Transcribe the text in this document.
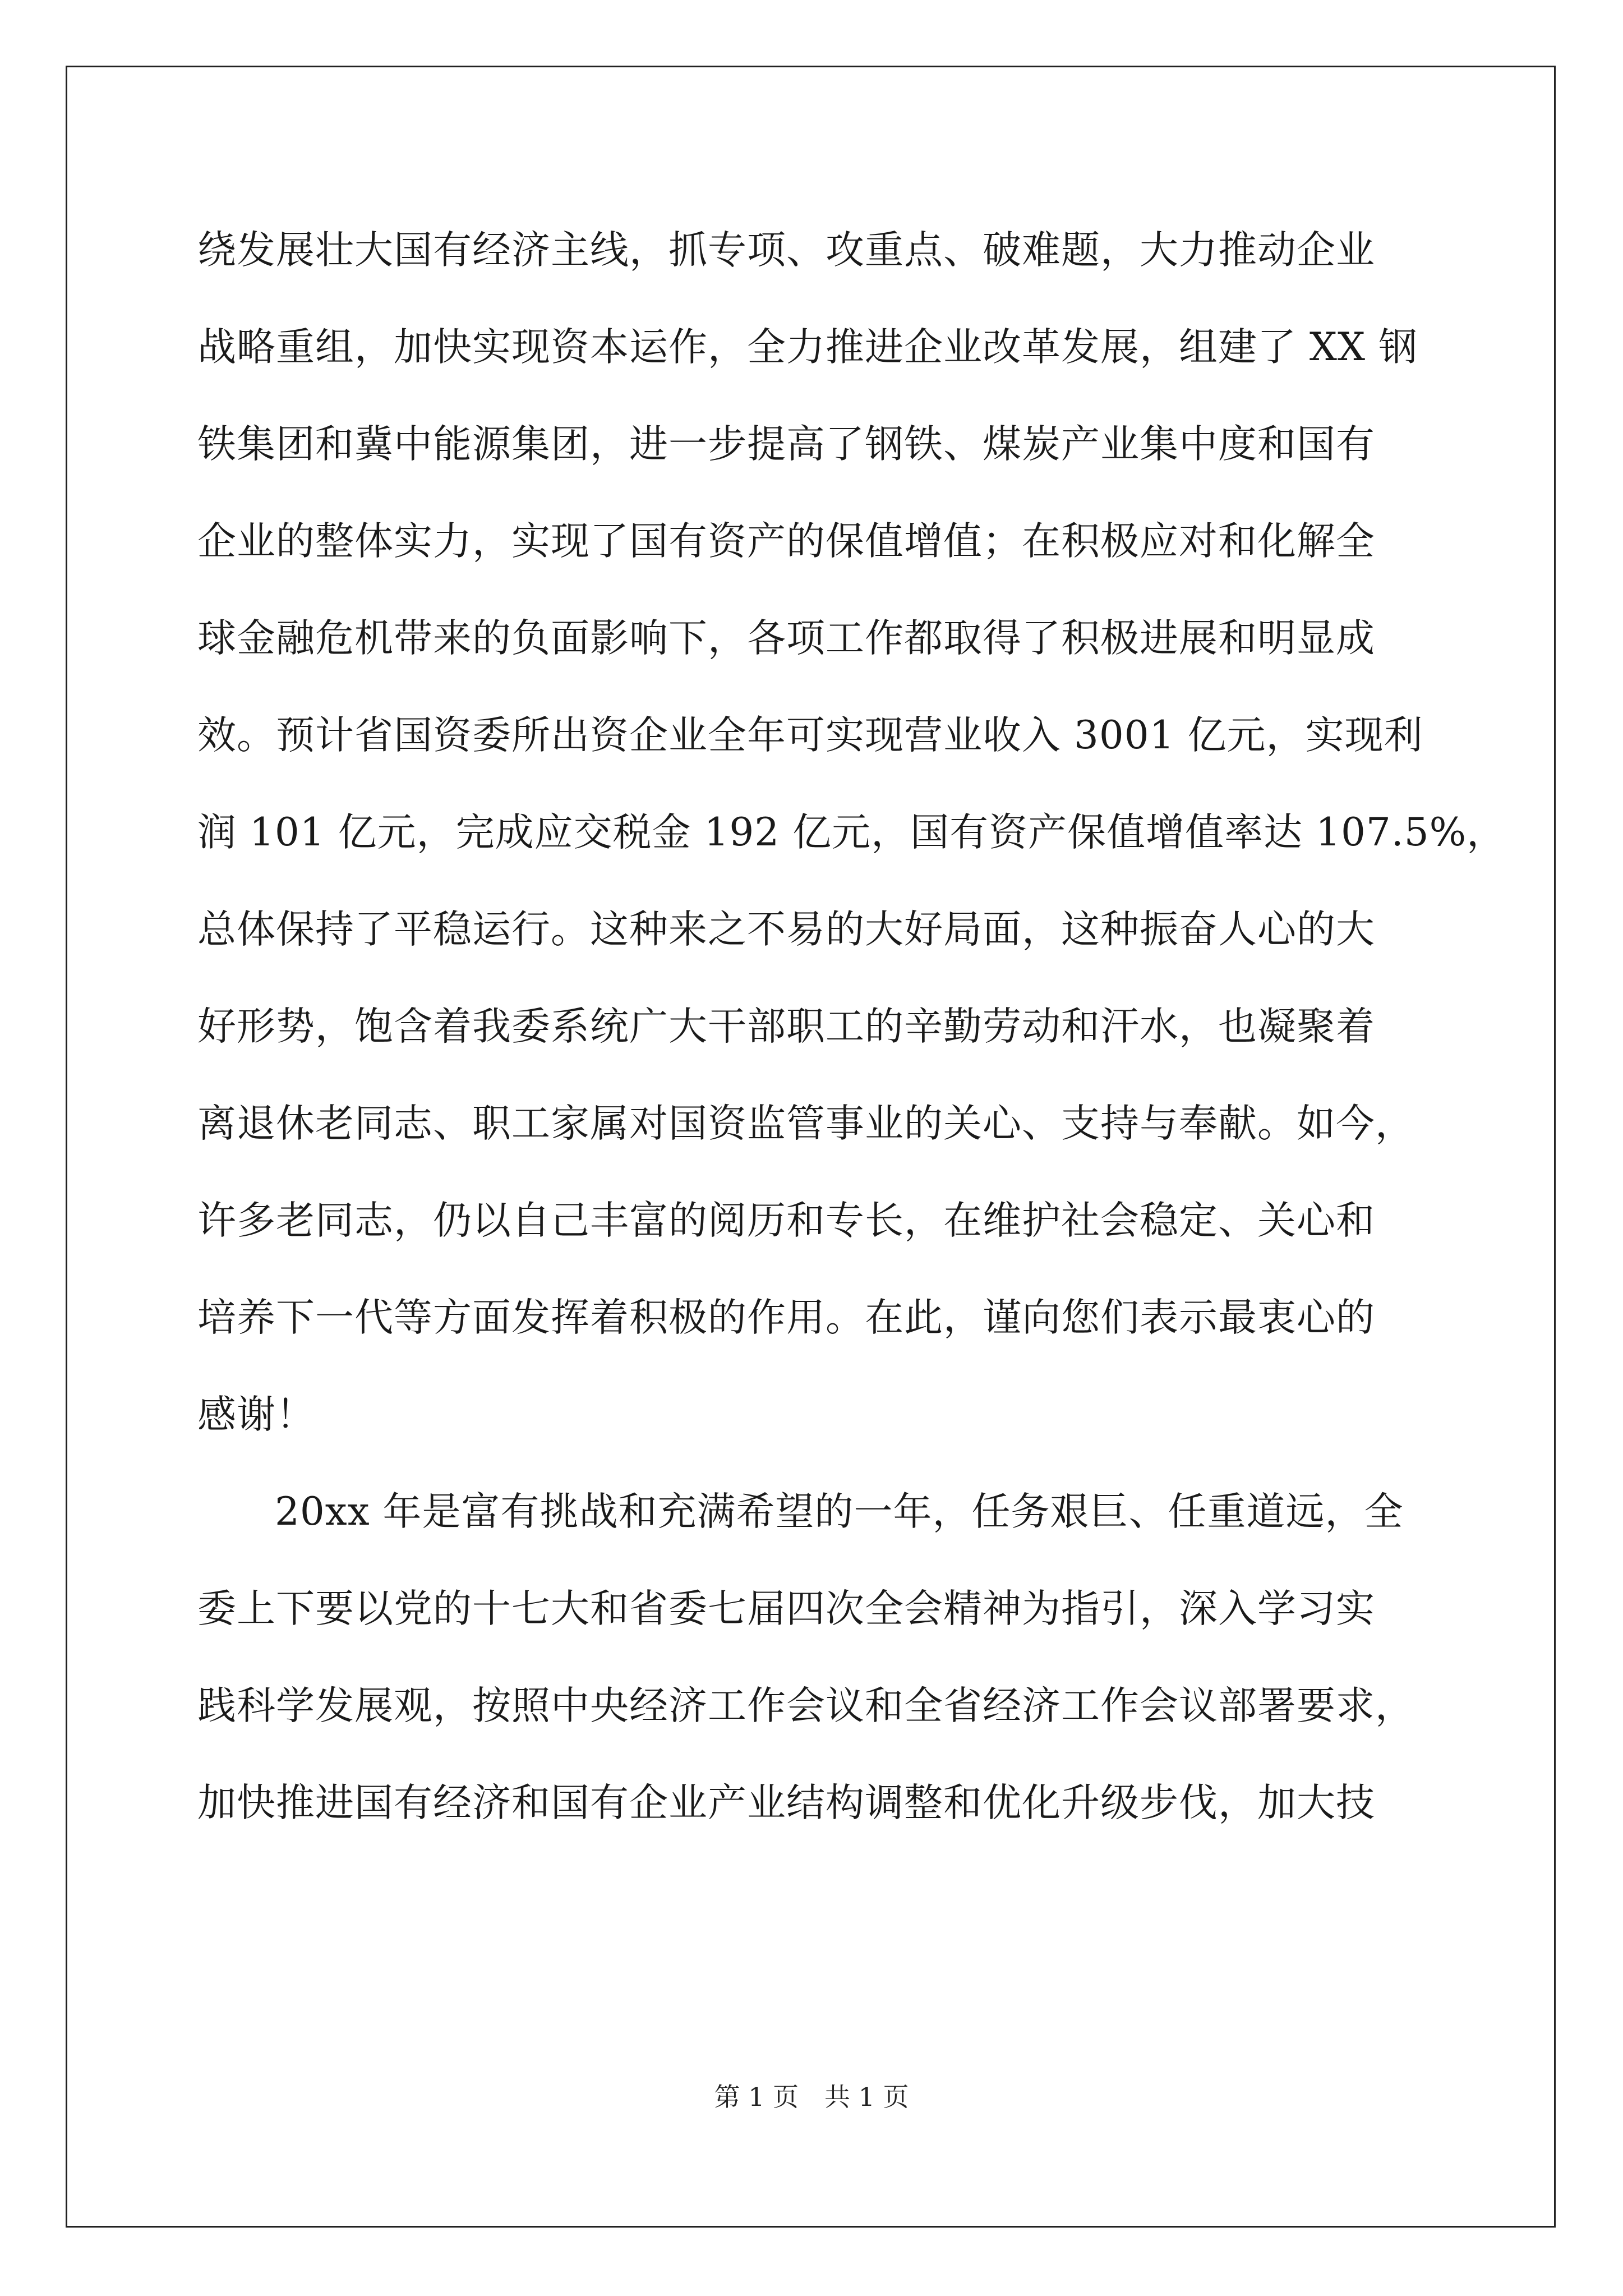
绕发展壮大国有经济主线，抓专项、攻重点、破难题，大力推动企业
战略重组，加快实现资本运作，全力推进企业改革发展，组建了 XX 钢
铁集团和冀中能源集团，进一步提高了钢铁、煤炭产业集中度和国有
企业的整体实力，实现了国有资产的保值增值；在积极应对和化解全
球金融危机带来的负面影响下，各项工作都取得了积极进展和明显成
效。预计省国资委所出资企业全年可实现营业收入 3001 亿元，实现利
润 101 亿元，完成应交税金 192 亿元，国有资产保值增值率达 107.5%，
总体保持了平稳运行。这种来之不易的大好局面，这种振奋人心的大
好形势，饱含着我委系统广大干部职工的辛勤劳动和汗水，也凝聚着
离退休老同志、职工家属对国资监管事业的关心、支持与奉献。如今，
许多老同志，仍以自己丰富的阅历和专长，在维护社会稳定、关心和
培养下一代等方面发挥着积极的作用。在此，谨向您们表示最衷心的
感谢！
20xx 年是富有挑战和充满希望的一年，任务艰巨、任重道远，全
委上下要以党的十七大和省委七届四次全会精神为指引，深入学习实
践科学发展观，按照中央经济工作会议和全省经济工作会议部署要求，
加快推进国有经济和国有企业产业结构调整和优化升级步伐，加大技
第 1 页　共 1 页
